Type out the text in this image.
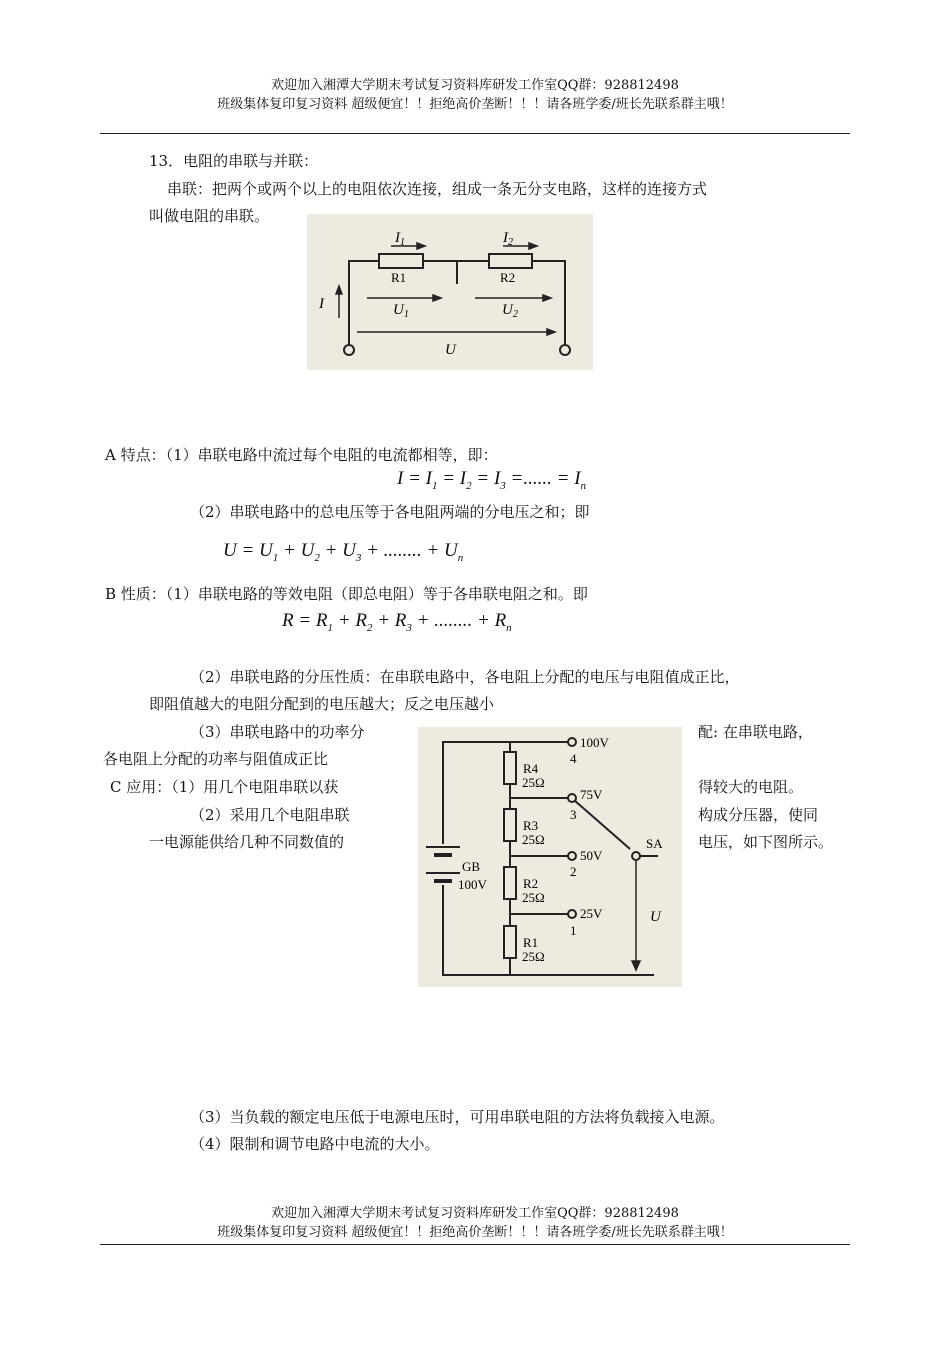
欢迎加入湘潭大学期末考试复习资料库研发工作室QQ群：928812498
班级集体复印复习资料 超级便宜！！拒绝高价垄断！！！请各班学委/班长先联系群主哦！
13．电阻的串联与并联：
串联：把两个或两个以上的电阻依次连接，组成一条无分支电路，这样的连接方式
叫做电阻的串联。
$I_1$	$I_2$
R1	R2
I	$U_1$	$U_2$
U
A 特点：（1）串联电路中流过每个电阻的电流都相等，即：
$I = I_1 = I_2 = I_3$ =...... = $I_n$
（2）串联电路中的总电压等于各电阻两端的分电压之和；即
$U = U_1 + U_2 + U_3$ + ........ + $U_n$
B 性质：（1）串联电路的等效电阻（即总电阻）等于各串联电阻之和。即
$R = R_1 + R_2 + R_3$ + ........ + $R_n$
（2）串联电路的分压性质：在串联电路中，各电阻上分配的电压与电阻值成正比，
即阻值越大的电阻分配到的电压越大；反之电压越小
（3）串联电路中的功率分	配: 在串联电路，
各电阻上分配的功率与阻值成正比
C 应用：（1）用几个电阻串联以获	得较大的电阻。
（2）采用几个电阻串联	构成分压器，使同
一电源能供给几种不同数值的	电压，如下图所示。
R4
25Ω
R3
25Ω
R2
25Ω
R1
25Ω
100V
4
75V
3
50V
2
25V
1
GB
100V
SA
U
（3）当负载的额定电压低于电源电压时，可用串联电阻的方法将负载接入电源。
（4）限制和调节电路中电流的大小。
欢迎加入湘潭大学期末考试复习资料库研发工作室QQ群：928812498
班级集体复印复习资料 超级便宜！！拒绝高价垄断！！！请各班学委/班长先联系群主哦！
